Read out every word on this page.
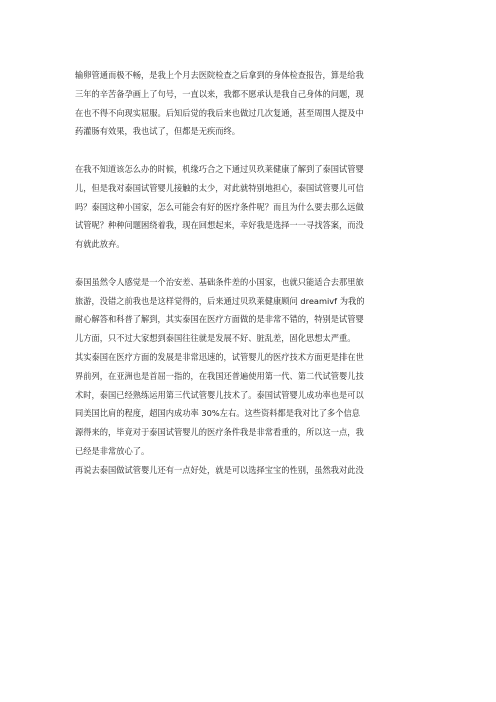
输卵管通而极不畅，是我上个月去医院检查之后拿到的身体检查报告，算是给我
三年的辛苦备孕画上了句号，一直以来，我都不愿承认是我自己身体的问题，现
在也不得不向现实屈服。后知后觉的我后来也做过几次复通，甚至周围人提及中
药灌肠有效果，我也试了，但都是无疾而终。

在我不知道该怎么办的时候，机缘巧合之下通过贝玖莱健康了解到了泰国试管婴
儿，但是我对泰国试管婴儿接触的太少，对此就特别地担心，泰国试管婴儿可信
吗？泰国这种小国家，怎么可能会有好的医疗条件呢？而且为什么要去那么远做
试管呢？种种问题困绕着我，现在回想起来，幸好我是选择一一寻找答案，而没
有就此放弃。

泰国虽然令人感觉是一个治安差、基础条件差的小国家，也就只能适合去那里旅
旅游，没错之前我也是这样觉得的，后来通过贝玖莱健康顾问 dreamivf 为我的
耐心解答和科普了解到，其实泰国在医疗方面做的是非常不错的，特别是试管婴
儿方面，只不过大家想到泰国往往就是发展不好、脏乱差，固化思想太严重。

其实泰国在医疗方面的发展是非常迅速的，试管婴儿的医疗技术方面更是排在世
界前列，在亚洲也是首屈一指的，在我国还普遍使用第一代、第二代试管婴儿技
术时，泰国已经熟练运用第三代试管婴儿技术了。泰国试管婴儿成功率也是可以
同美国比肩的程度，超国内成功率 30%左右。这些资料都是我对比了多个信息
源得来的，毕竟对于泰国试管婴儿的医疗条件我是非常看重的，所以这一点，我
已经是非常放心了。

再说去泰国做试管婴儿还有一点好处，就是可以选择宝宝的性别，虽然我对此没
